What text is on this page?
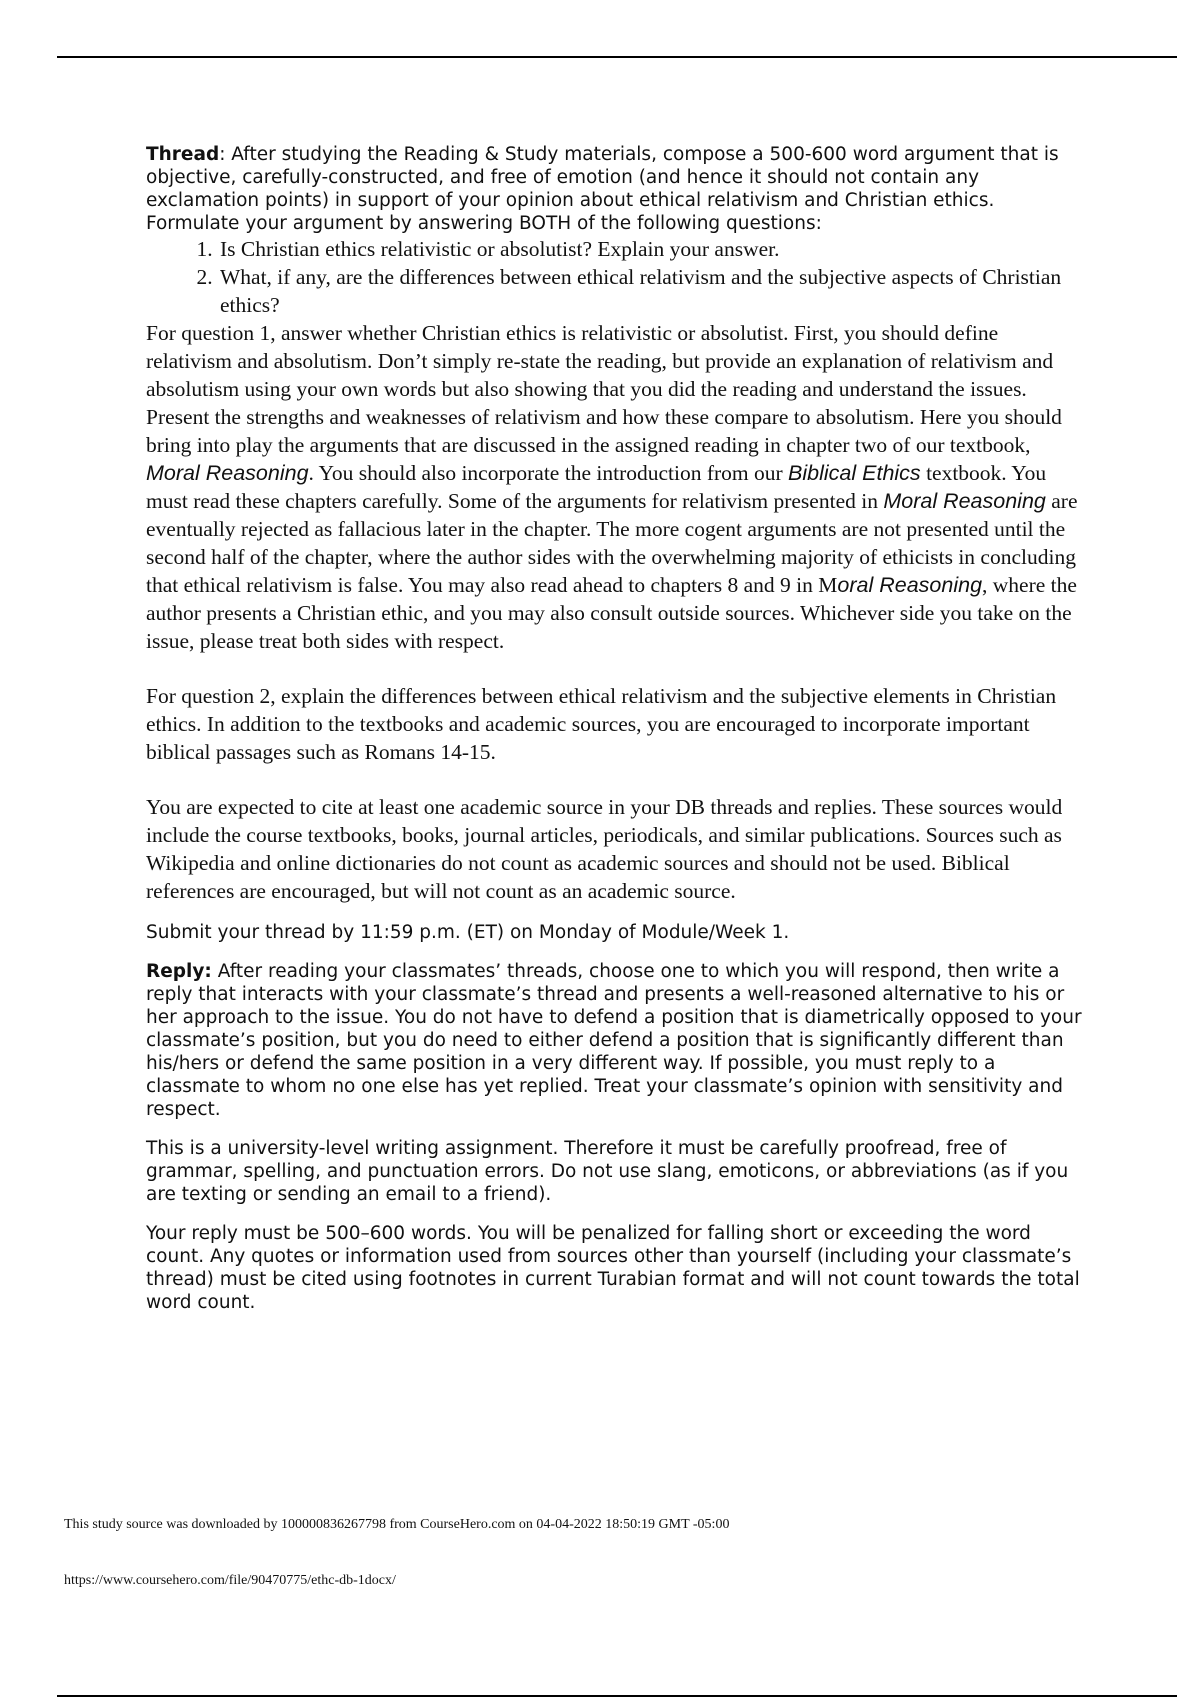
Thread: After studying the Reading & Study materials, compose a 500-600 word argument that is objective, carefully-constructed, and free of emotion (and hence it should not contain any exclamation points) in support of your opinion about ethical relativism and Christian ethics. Formulate your argument by answering BOTH of the following questions:

1. Is Christian ethics relativistic or absolutist? Explain your answer.
2. What, if any, are the differences between ethical relativism and the subjective aspects of Christian ethics?

For question 1, answer whether Christian ethics is relativistic or absolutist. First, you should define relativism and absolutism. Don’t simply re-state the reading, but provide an explanation of relativism and absolutism using your own words but also showing that you did the reading and understand the issues. Present the strengths and weaknesses of relativism and how these compare to absolutism. Here you should bring into play the arguments that are discussed in the assigned reading in chapter two of our textbook, Moral Reasoning. You should also incorporate the introduction from our Biblical Ethics textbook. You must read these chapters carefully. Some of the arguments for relativism presented in Moral Reasoning are eventually rejected as fallacious later in the chapter. The more cogent arguments are not presented until the second half of the chapter, where the author sides with the overwhelming majority of ethicists in concluding that ethical relativism is false. You may also read ahead to chapters 8 and 9 in Moral Reasoning, where the author presents a Christian ethic, and you may also consult outside sources. Whichever side you take on the issue, please treat both sides with respect.

For question 2, explain the differences between ethical relativism and the subjective elements in Christian ethics. In addition to the textbooks and academic sources, you are encouraged to incorporate important biblical passages such as Romans 14-15.

You are expected to cite at least one academic source in your DB threads and replies. These sources would include the course textbooks, books, journal articles, periodicals, and similar publications. Sources such as Wikipedia and online dictionaries do not count as academic sources and should not be used. Biblical references are encouraged, but will not count as an academic source.

Submit your thread by 11:59 p.m. (ET) on Monday of Module/Week 1.

Reply: After reading your classmates’ threads, choose one to which you will respond, then write a reply that interacts with your classmate’s thread and presents a well-reasoned alternative to his or her approach to the issue. You do not have to defend a position that is diametrically opposed to your classmate’s position, but you do need to either defend a position that is significantly different than his/hers or defend the same position in a very different way. If possible, you must reply to a classmate to whom no one else has yet replied. Treat your classmate’s opinion with sensitivity and respect.

This is a university-level writing assignment. Therefore it must be carefully proofread, free of grammar, spelling, and punctuation errors. Do not use slang, emoticons, or abbreviations (as if you are texting or sending an email to a friend).

Your reply must be 500–600 words. You will be penalized for falling short or exceeding the word count. Any quotes or information used from sources other than yourself (including your classmate’s thread) must be cited using footnotes in current Turabian format and will not count towards the total word count.

This study source was downloaded by 100000836267798 from CourseHero.com on 04-04-2022 18:50:19 GMT -05:00
https://www.coursehero.com/file/90470775/ethc-db-1docx/
